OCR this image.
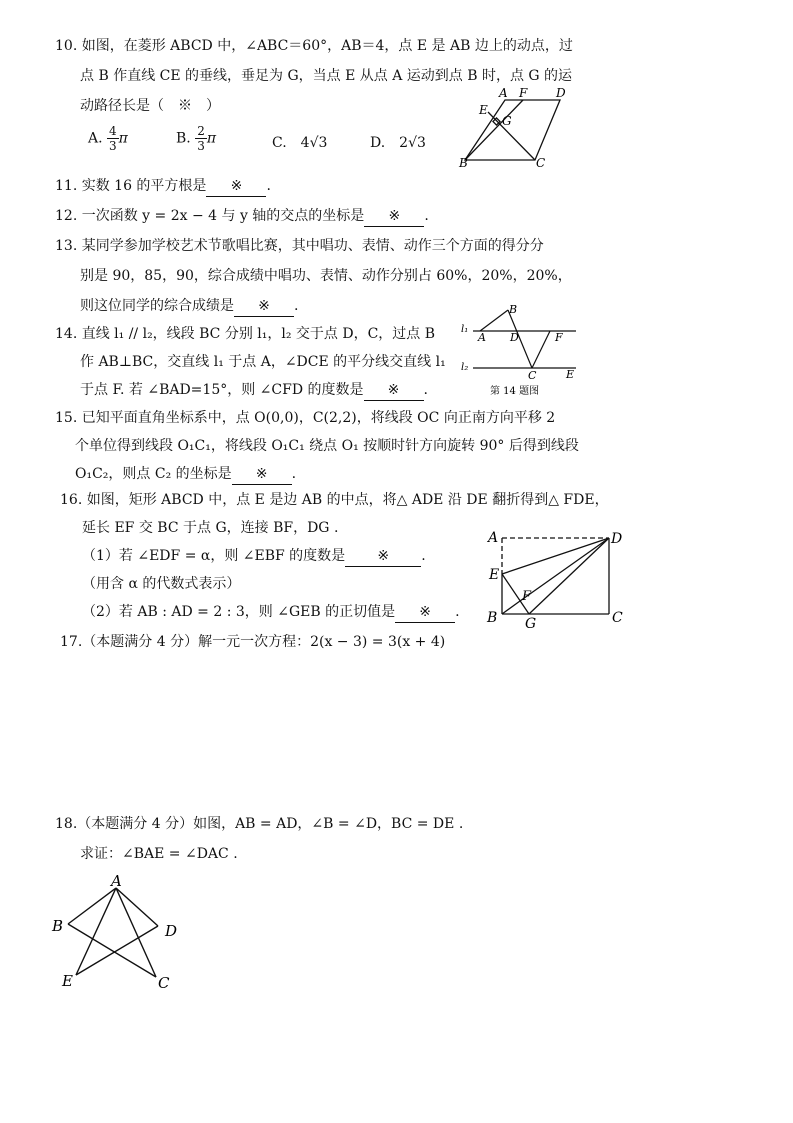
10. 如图，在菱形 ABCD 中，∠ABC＝60°，AB＝4，点 E 是 AB 边上的动点，过
点 B 作直线 CE 的垂线，垂足为 G，当点 E 从点 A 运动到点 B 时，点 G 的运
动路径长是（　※　）
A. $\frac{4}{3}$ π	B. $\frac{2}{3}$ π	C.　4√3	D.　2√3
A F D
E
G
B	C
11. 实数 16 的平方根是 ※ .
12. 一次函数 y = 2x − 4 与 y 轴的交点的坐标是 ※ .
13. 某同学参加学校艺术节歌唱比赛，其中唱功、表情、动作三个方面的得分分
别是 90，85，90，综合成绩中唱功、表情、动作分别占 60%，20%，20%，
则这位同学的综合成绩是 ※ .
14. 直线 l₁ // l₂，线段 BC 分别 l₁，l₂ 交于点 D，C，过点 B
作 AB⊥BC，交直线 l₁ 于点 A，∠DCE 的平分线交直线 l₁
于点 F. 若 ∠BAD=15°，则 ∠CFD 的度数是 ※ .
B
l₁
A D	F
l₂
C	E
第 14 题图
15. 已知平面直角坐标系中，点 O(0,0)，C(2,2)，将线段 OC 向正南方向平移 2
个单位得到线段 O₁C₁，将线段 O₁C₁ 绕点 O₁ 按顺时针方向旋转 90° 后得到线段
O₁C₂，则点 C₂ 的坐标是 ※ .
16. 如图，矩形 ABCD 中，点 E 是边 AB 的中点，将△ ADE 沿 DE 翻折得到△ FDE，
延长 EF 交 BC 于点 G，连接 BF，DG .
（1）若 ∠EDF = α，则 ∠EBF 的度数是 ※ .
（用含 α 的代数式表示）
（2）若 AB : AD = 2 : 3，则 ∠GEB 的正切值是 ※ .
A	D
E
F
B G	C
17.（本题满分 4 分）解一元一次方程：2(x − 3) = 3(x + 4)
18.（本题满分 4 分）如图，AB = AD，∠B = ∠D，BC = DE .
求证：∠BAE = ∠DAC .
A
B	D
E	C
